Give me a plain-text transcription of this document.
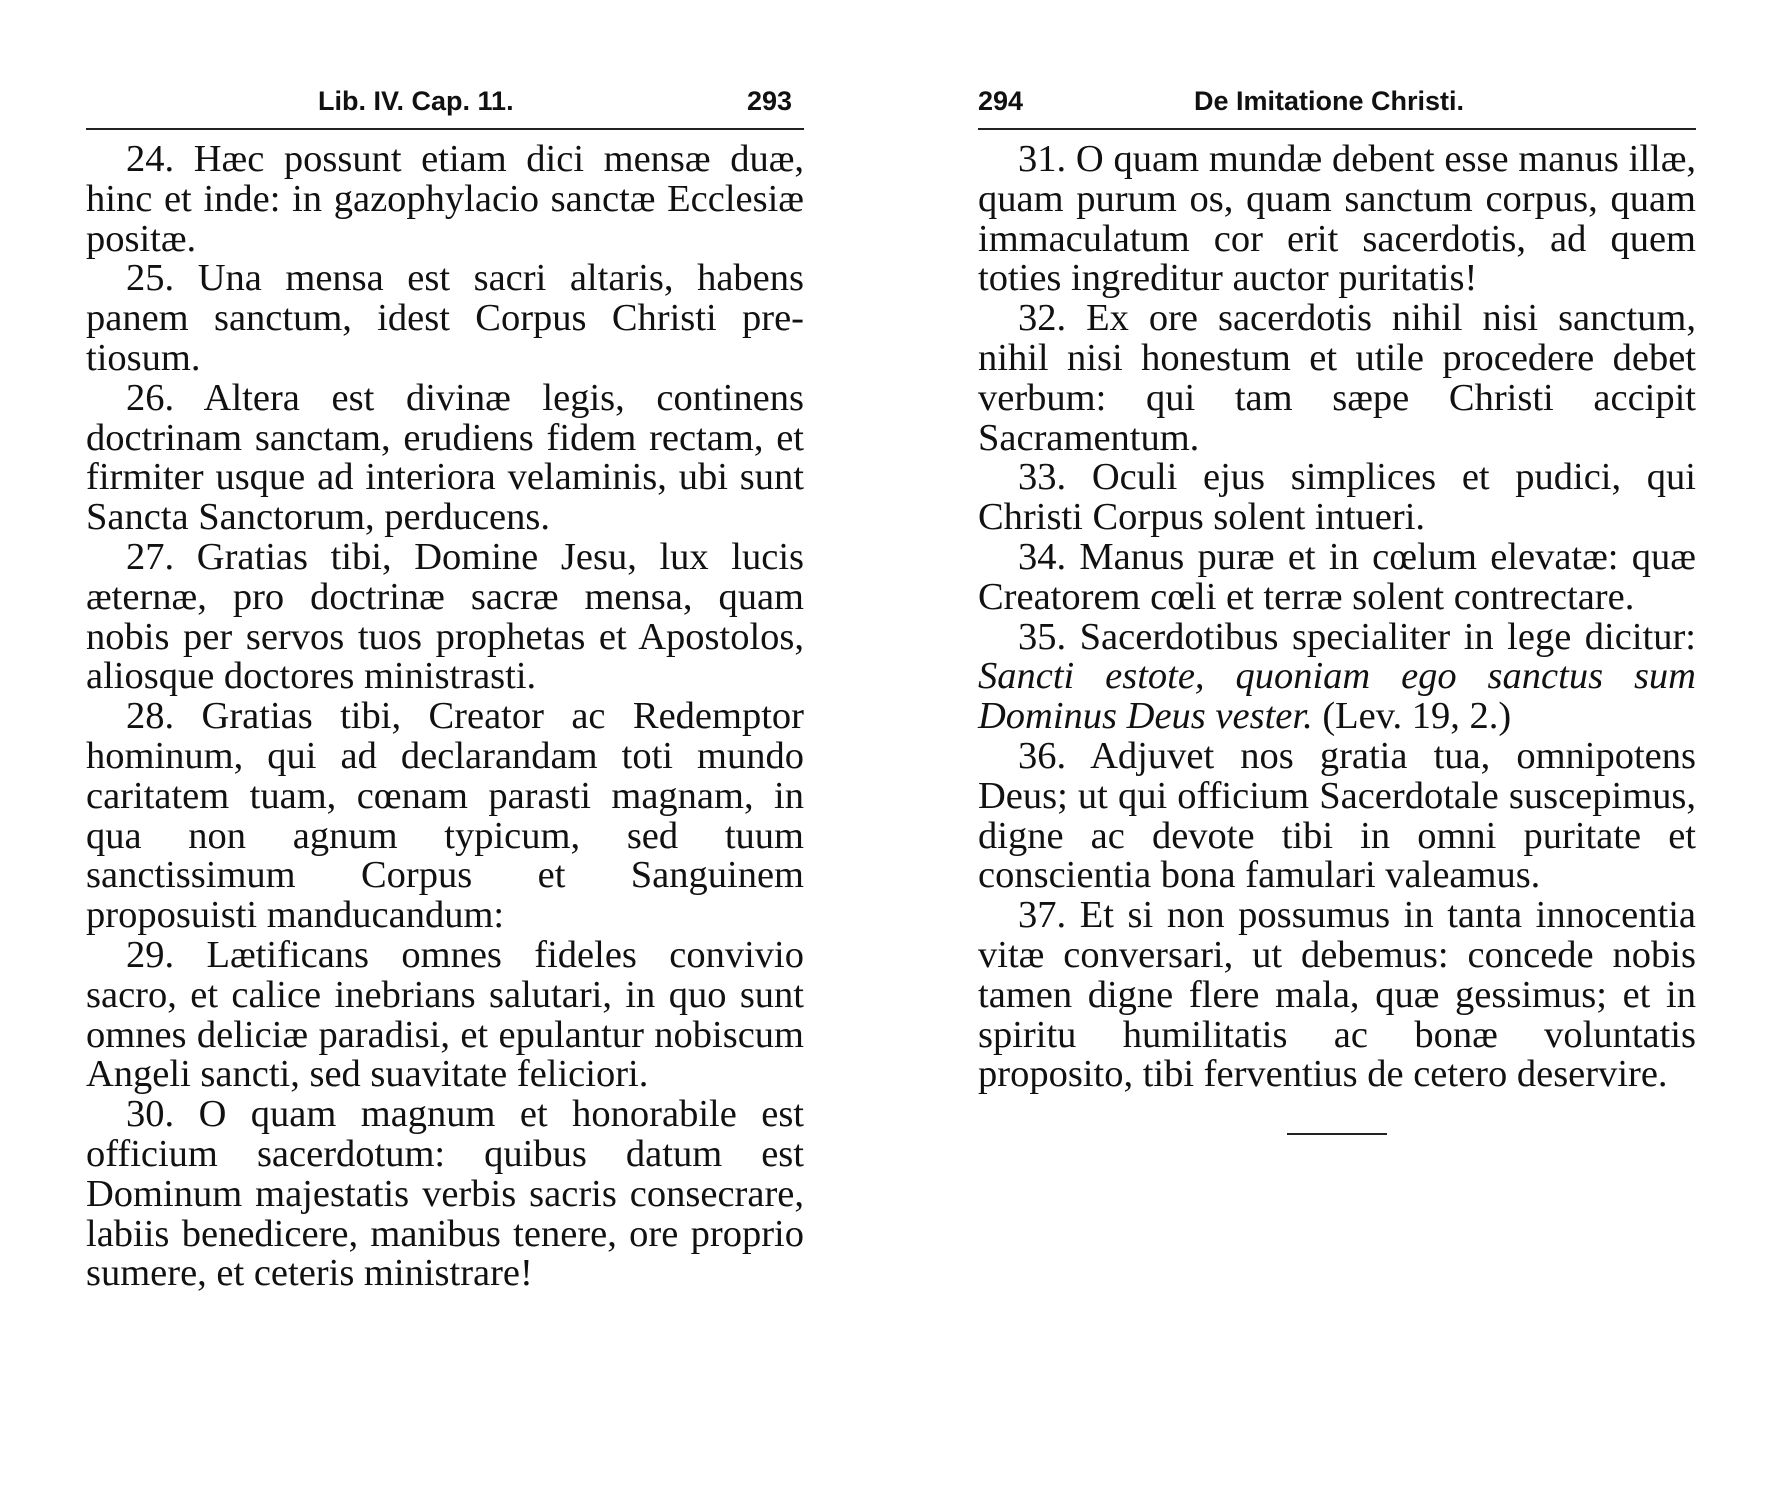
Lib. IV. Cap. 11.	293

24. Hæc possunt etiam dici mensæ duæ, hinc et inde: in gazophylacio sanctæ Ecclesiæ positæ.

25. Una mensa est sacri altaris, habens panem sanctum, idest Corpus Christi pretiosum.

26. Altera est divinæ legis, continens doctrinam sanctam, erudiens fidem rectam, et firmiter usque ad interiora velaminis, ubi sunt Sancta Sanctorum, perducens.

27. Gratias tibi, Domine Jesu, lux lucis æternæ, pro doctrinæ sacræ mensa, quam nobis per servos tuos prophetas et Apostolos, aliosque doctores ministrasti.

28. Gratias tibi, Creator ac Redemptor hominum, qui ad declarandam toti mundo caritatem tuam, cœnam parasti magnam, in qua non agnum typicum, sed tuum sanctissimum Corpus et Sanguinem proposuisti manducandum:

29. Lætificans omnes fideles convivio sacro, et calice inebrians salutari, in quo sunt omnes deliciæ paradisi, et epulantur nobiscum Angeli sancti, sed suavitate feliciori.

30. O quam magnum et honorabile est officium sacerdotum: quibus datum est Dominum majestatis verbis sacris consecrare, labiis benedicere, manibus tenere, ore proprio sumere, et ceteris ministrare!

294	De Imitatione Christi.

31. O quam mundæ debent esse manus illæ, quam purum os, quam sanctum corpus, quam immaculatum cor erit sacerdotis, ad quem toties ingreditur auctor puritatis!

32. Ex ore sacerdotis nihil nisi sanctum, nihil nisi honestum et utile procedere debet verbum: qui tam sæpe Christi accipit Sacramentum.

33. Oculi ejus simplices et pudici, qui Christi Corpus solent intueri.

34. Manus puræ et in cœlum elevatæ: quæ Creatorem cœli et terræ solent contrectare.

35. Sacerdotibus specialiter in lege dicitur: Sancti estote, quoniam ego sanctus sum Dominus Deus vester. (Lev. 19, 2.)

36. Adjuvet nos gratia tua, omnipotens Deus; ut qui officium Sacerdotale suscepimus, digne ac devote tibi in omni puritate et conscientia bona famulari valeamus.

37. Et si non possumus in tanta innocentia vitæ conversari, ut debemus: concede nobis tamen digne flere mala, quæ gessimus; et in spiritu humilitatis ac bonæ voluntatis proposito, tibi ferventius de cetero deservire.
